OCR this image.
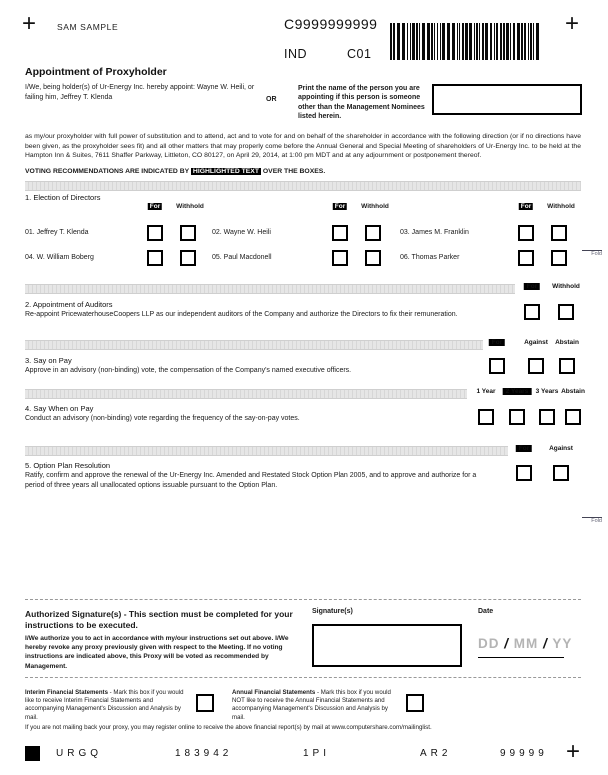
+	+
SAM SAMPLE	C9999999999
IND	C01
Appointment of Proxyholder
I/We, being holder(s) of Ur-Energy Inc. hereby appoint: Wayne W. Heili, or failing him, Jeffrey T. Klenda	OR
Print the name of the person you are appointing if this person is someone other than the Management Nominees listed herein.
as my/our proxyholder with full power of substitution and to attend, act and to vote for and on behalf of the shareholder in accordance with the following direction (or if no directions have been given, as the proxyholder sees fit) and all other matters that may properly come before the Annual General and Special Meeting of shareholders of Ur-Energy Inc. to be held at the Hampton Inn & Suites, 7611 Shaffer Parkway, Littleton, CO 80127, on April 29, 2014, at 1:00 pm MDT and at any adjournment or postponement thereof.
VOTING RECOMMENDATIONS ARE INDICATED BY HIGHLIGHTED TEXT OVER THE BOXES.
1. Election of Directors
For	Withhold	For	Withhold	For	Withhold
01. Jeffrey T. Klenda	02. Wayne W. Heili	03. James M. Franklin
04. W. William Boberg	05. Paul Macdonell	06. Thomas Parker	Fold
For	Withhold
2. Appointment of Auditors
Re-appoint PricewaterhouseCoopers LLP as our independent auditors of the Company and authorize the Directors to fix their remuneration.
For	Against Abstain
3. Say on Pay
Approve in an advisory (non-binding) vote, the compensation of the Company's named executive officers.
1 Year	2 Years	3 Years Abstain
4. Say When on Pay
Conduct an advisory (non-binding) vote regarding the frequency of the say-on-pay votes.
For	Against
5. Option Plan Resolution
Ratify, confirm and approve the renewal of the Ur-Energy Inc. Amended and Restated Stock Option Plan 2005, and to approve and authorize for a period of three years all unallocated options issuable pursuant to the Option Plan.
Fold
Authorized Signature(s) - This section must be completed for your instructions to be executed.
I/We authorize you to act in accordance with my/our instructions set out above. I/We hereby revoke any proxy previously given with respect to the Meeting. If no voting instructions are indicated above, this Proxy will be voted as recommended by Management.
Signature(s)	Date
DD / MM / YY
Interim Financial Statements - Mark this box if you would like to receive Interim Financial Statements and accompanying Management's Discussion and Analysis by mail.
Annual Financial Statements - Mark this box if you would NOT like to receive the Annual Financial Statements and accompanying Management's Discussion and Analysis by mail.
If you are not mailing back your proxy, you may register online to receive the above financial report(s) by mail at www.computershare.com/mailinglist.
URGQ	183942	1PI	AR2	99999 +
